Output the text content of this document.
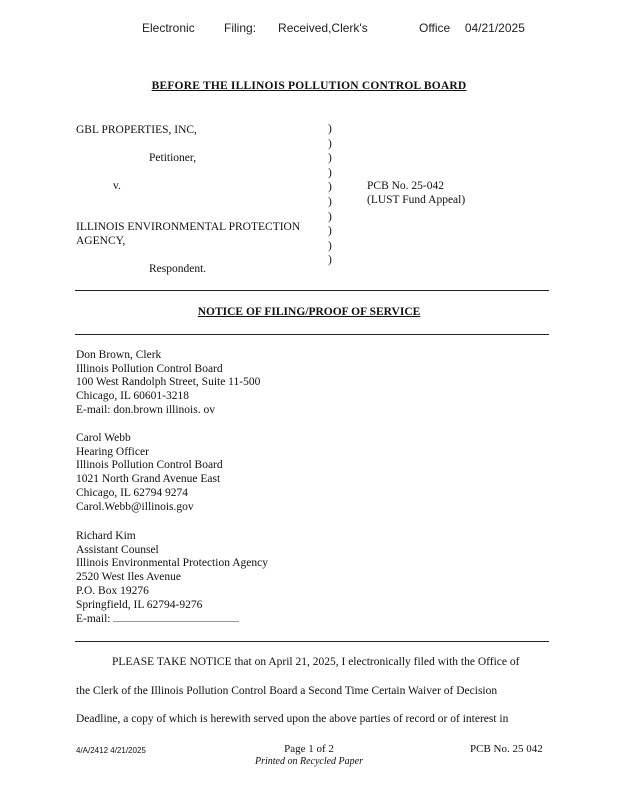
Electronic    Filing:   Received,Clerk's       Office  04/21/2025
BEFORE THE ILLINOIS POLLUTION CONTROL BOARD
GBL PROPERTIES, INC,
Petitioner,
v.
ILLINOIS ENVIRONMENTAL PROTECTION
AGENCY,
Respondent.
)
)
)
)
)
)
)
)
)
)
PCB No. 25-042
(LUST Fund Appeal)
NOTICE OF FILING/PROOF OF SERVICE
Don Brown, Clerk
Illinois Pollution Control Board
100 West Randolph Street, Suite 11-500
Chicago, IL 60601-3218
E-mail: don.brown illinois. ov
Carol Webb
Hearing Officer
Illinois Pollution Control Board
1021 North Grand Avenue East
Chicago, IL 62794 9274
Carol.Webb@illinois.gov
Richard Kim
Assistant Counsel
Illinois Environmental Protection Agency
2520 West Iles Avenue
P.O. Box 19276
Springfield, IL 62794-9276
E-mail:
PLEASE TAKE NOTICE that on April 21, 2025, I electronically filed with the Office of
the Clerk of the Illinois Pollution Control Board a Second Time Certain Waiver of Decision
Deadline, a copy of which is herewith served upon the above parties of record or of interest in
4/A/2412 4/21/2025	Page 1 of 2
Printed on Recycled Paper
PCB No. 25 042
